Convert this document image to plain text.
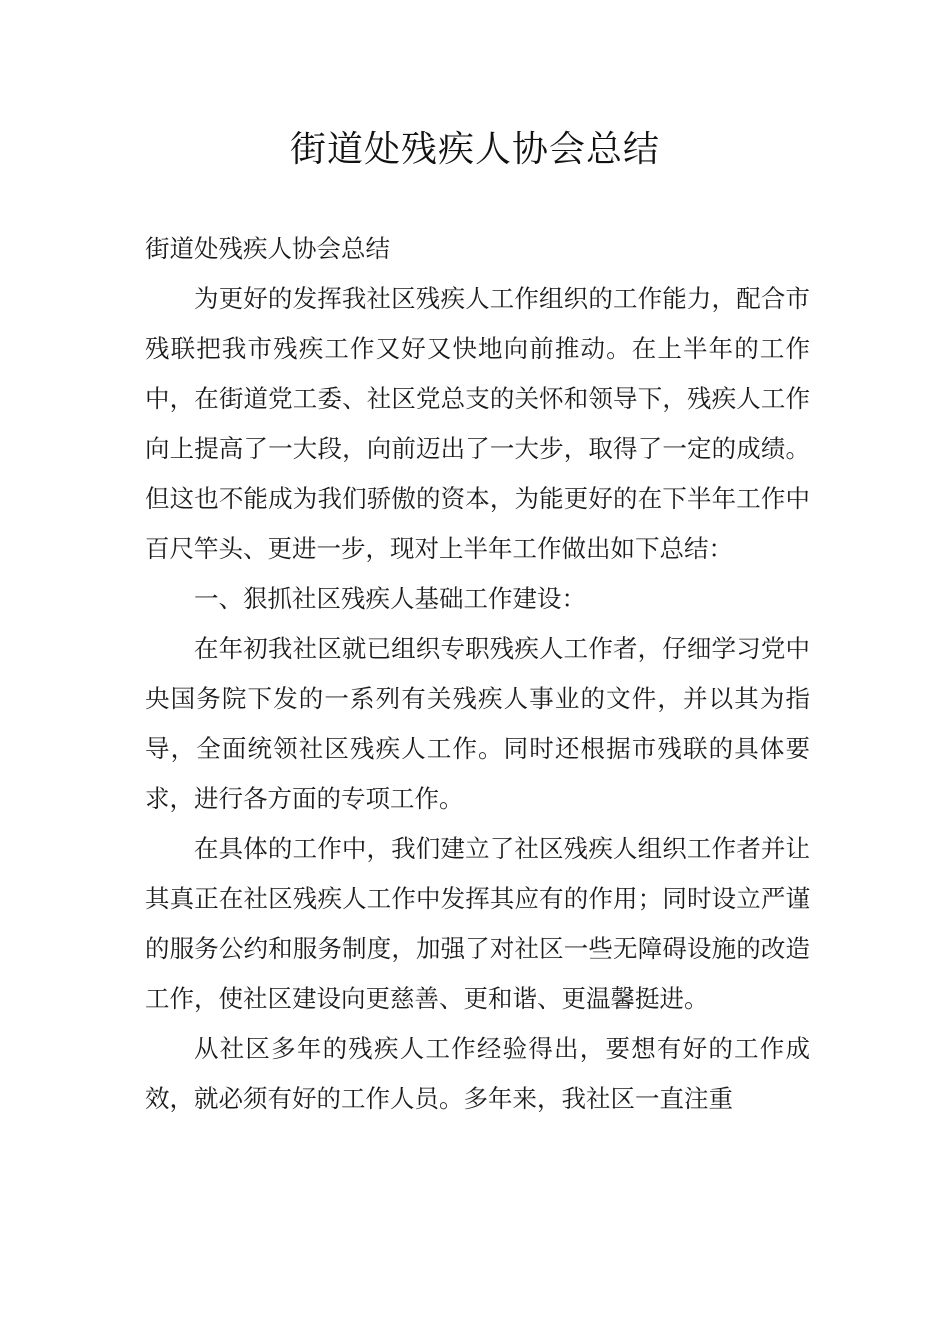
街道处残疾人协会总结

街道处残疾人协会总结

为更好的发挥我社区残疾人工作组织的工作能力，配合市残联把我市残疾工作又好又快地向前推动。在上半年的工作中，在街道党工委、社区党总支的关怀和领导下，残疾人工作向上提高了一大段，向前迈出了一大步，取得了一定的成绩。但这也不能成为我们骄傲的资本，为能更好的在下半年工作中百尺竿头、更进一步，现对上半年工作做出如下总结：

一、狠抓社区残疾人基础工作建设：

在年初我社区就已组织专职残疾人工作者，仔细学习党中央国务院下发的一系列有关残疾人事业的文件，并以其为指导，全面统领社区残疾人工作。同时还根据市残联的具体要求，进行各方面的专项工作。

在具体的工作中，我们建立了社区残疾人组织工作者并让其真正在社区残疾人工作中发挥其应有的作用；同时设立严谨的服务公约和服务制度，加强了对社区一些无障碍设施的改造工作，使社区建设向更慈善、更和谐、更温馨挺进。

从社区多年的残疾人工作经验得出，要想有好的工作成效，就必须有好的工作人员。多年来，我社区一直注重
